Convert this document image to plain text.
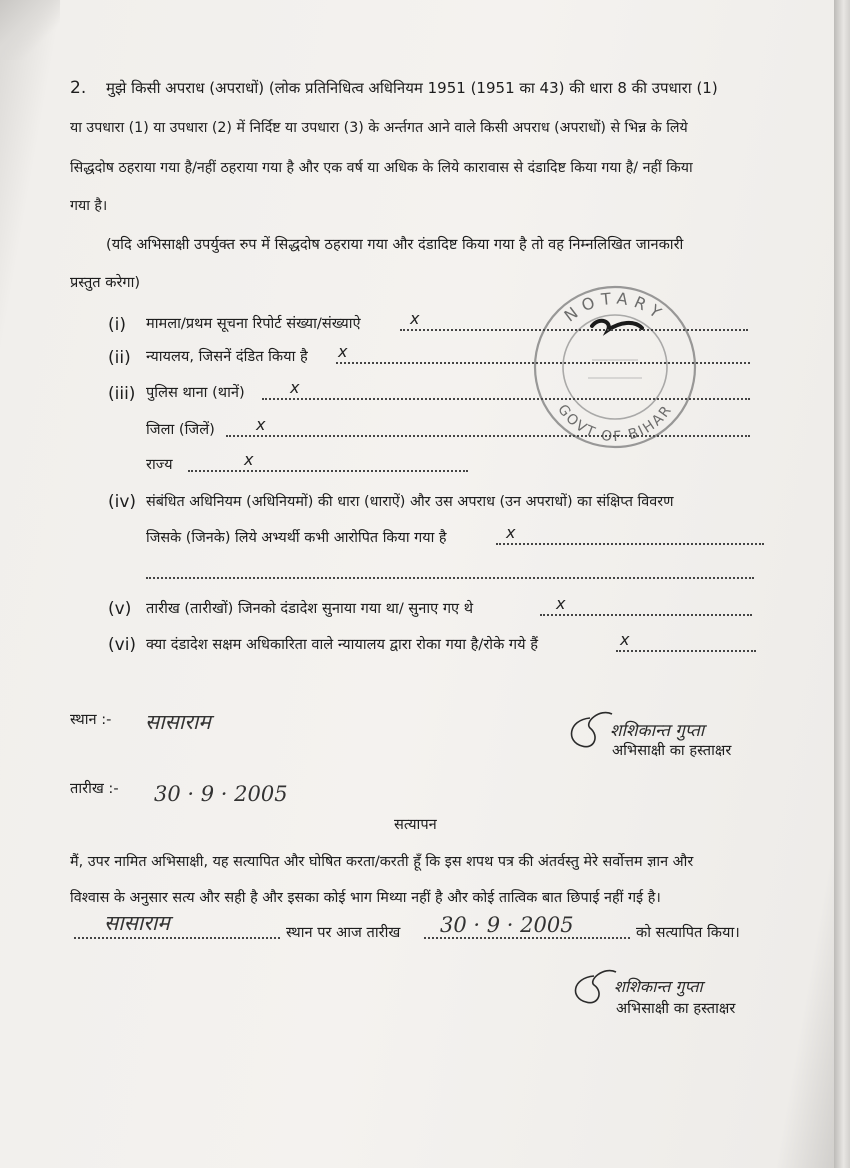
2. मुझे किसी अपराध (अपराधों) (लोक प्रतिनिधित्व अधिनियम 1951 (1951 का 43) की धारा 8 की उपधारा (1)
या उपधारा (1) या उपधारा (2) में निर्दिष्ट या उपधारा (3) के अर्न्तगत आने वाले किसी अपराध (अपराधों) से भिन्न के लिये
सिद्धदोष ठहराया गया है/नहीं ठहराया गया है और एक वर्ष या अधिक के लिये कारावास से दंडादिष्ट किया गया है/ नहीं किया
गया है।
(यदि अभिसाक्षी उपर्युक्त रुप में सिद्धदोष ठहराया गया और दंडादिष्ट किया गया है तो वह निम्नलिखित जानकारी
प्रस्तुत करेगा)
NOTARY
GOVT OF BIHAR
(i) मामला/प्रथम सूचना रिपोर्ट संख्या/संख्याऐ	x
(ii) न्यायलय, जिसनें दंडित किया है x
(iii) पुलिस थाना (थानें)	x
जिला (जिलें)	x
राज्य	x
(iv) संबंधित अधिनियम (अधिनियमों) की धारा (धाराऐं) और उस अपराध (उन अपराधों) का संक्षिप्त विवरण
जिसके (जिनके) लिये अभ्यर्थी कभी आरोपित किया गया है	x
(v) तारीख (तारीखों) जिनको दंडादेश सुनाया गया था/ सुनाए गए थे	x
(vi) क्या दंडादेश सक्षम अधिकारिता वाले न्यायालय द्वारा रोका गया है/रोके गये हैं	x
स्थान :- सासाराम	शशिकान्त गुप्ता
अभिसाक्षी का हस्ताक्षर
तारीख :- 30 · 9 · 2005
सत्यापन
मैं, उपर नामित अभिसाक्षी, यह सत्यापित और घोषित करता/करती हूँ कि इस शपथ पत्र की अंतर्वस्तु मेरे सर्वोत्तम ज्ञान और
विश्वास के अनुसार सत्य और सही है और इसका कोई भाग मिथ्या नहीं है और कोई तात्विक बात छिपाई नहीं गई है।
सासाराम	स्थान पर आज तारीख 30 · 9 · 2005	को सत्यापित किया।
शशिकान्त गुप्ता
अभिसाक्षी का हस्ताक्षर
